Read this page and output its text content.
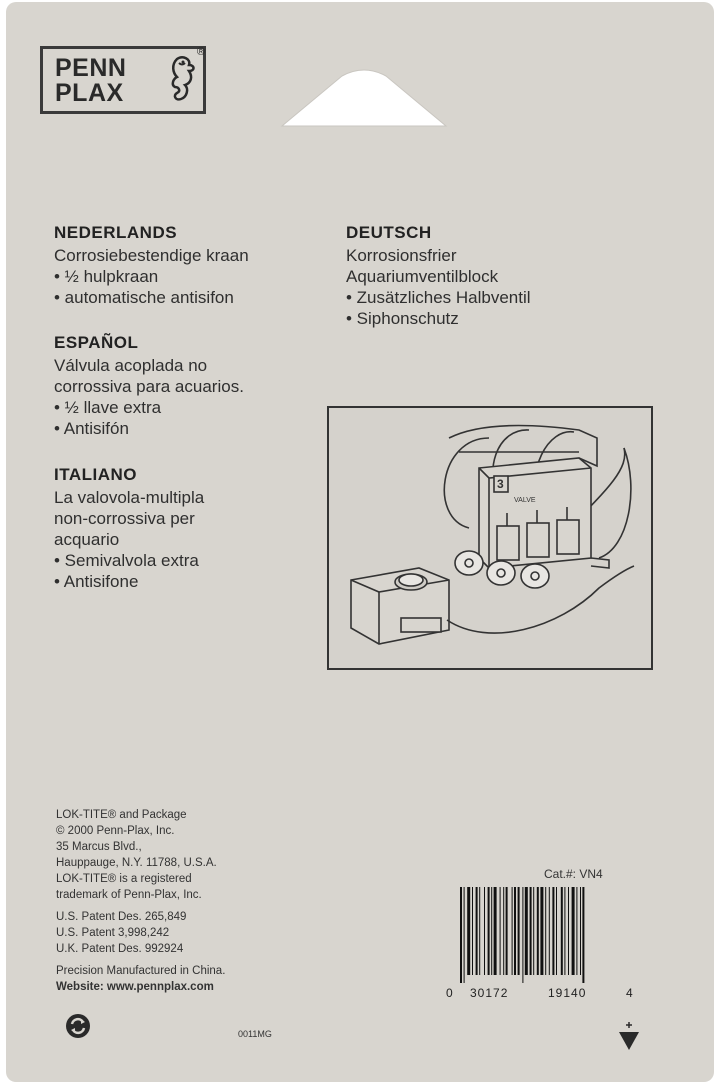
PENN
PLAX
®
NEDERLANDS
Corrosiebestendige kraan
• ½ hulpkraan
• automatische antisifon
ESPAÑOL
Válvula acoplada no
corrossiva para acuarios.
• ½ llave extra
• Antisifón
ITALIANO
La valovola-multipla
non-corrossiva per
acquario
• Semivalvola extra
• Antisifone
DEUTSCH
Korrosionsfrier
Aquariumventilblock
• Zusätzliches Halbventil
• Siphonschutz
3
VALVE
LOK-TITE® and Package
© 2000 Penn-Plax, Inc.
35 Marcus Blvd.,
Hauppauge, N.Y. 11788, U.S.A.
LOK-TITE® is a registered
trademark of Penn-Plax, Inc.
U.S. Patent Des. 265,849
U.S. Patent 3,998,242
U.K. Patent Des. 992924
Precision Manufactured in China.
Website: www.pennplax.com
Cat.#: VN4
0 30172	19140	4
0011MG
